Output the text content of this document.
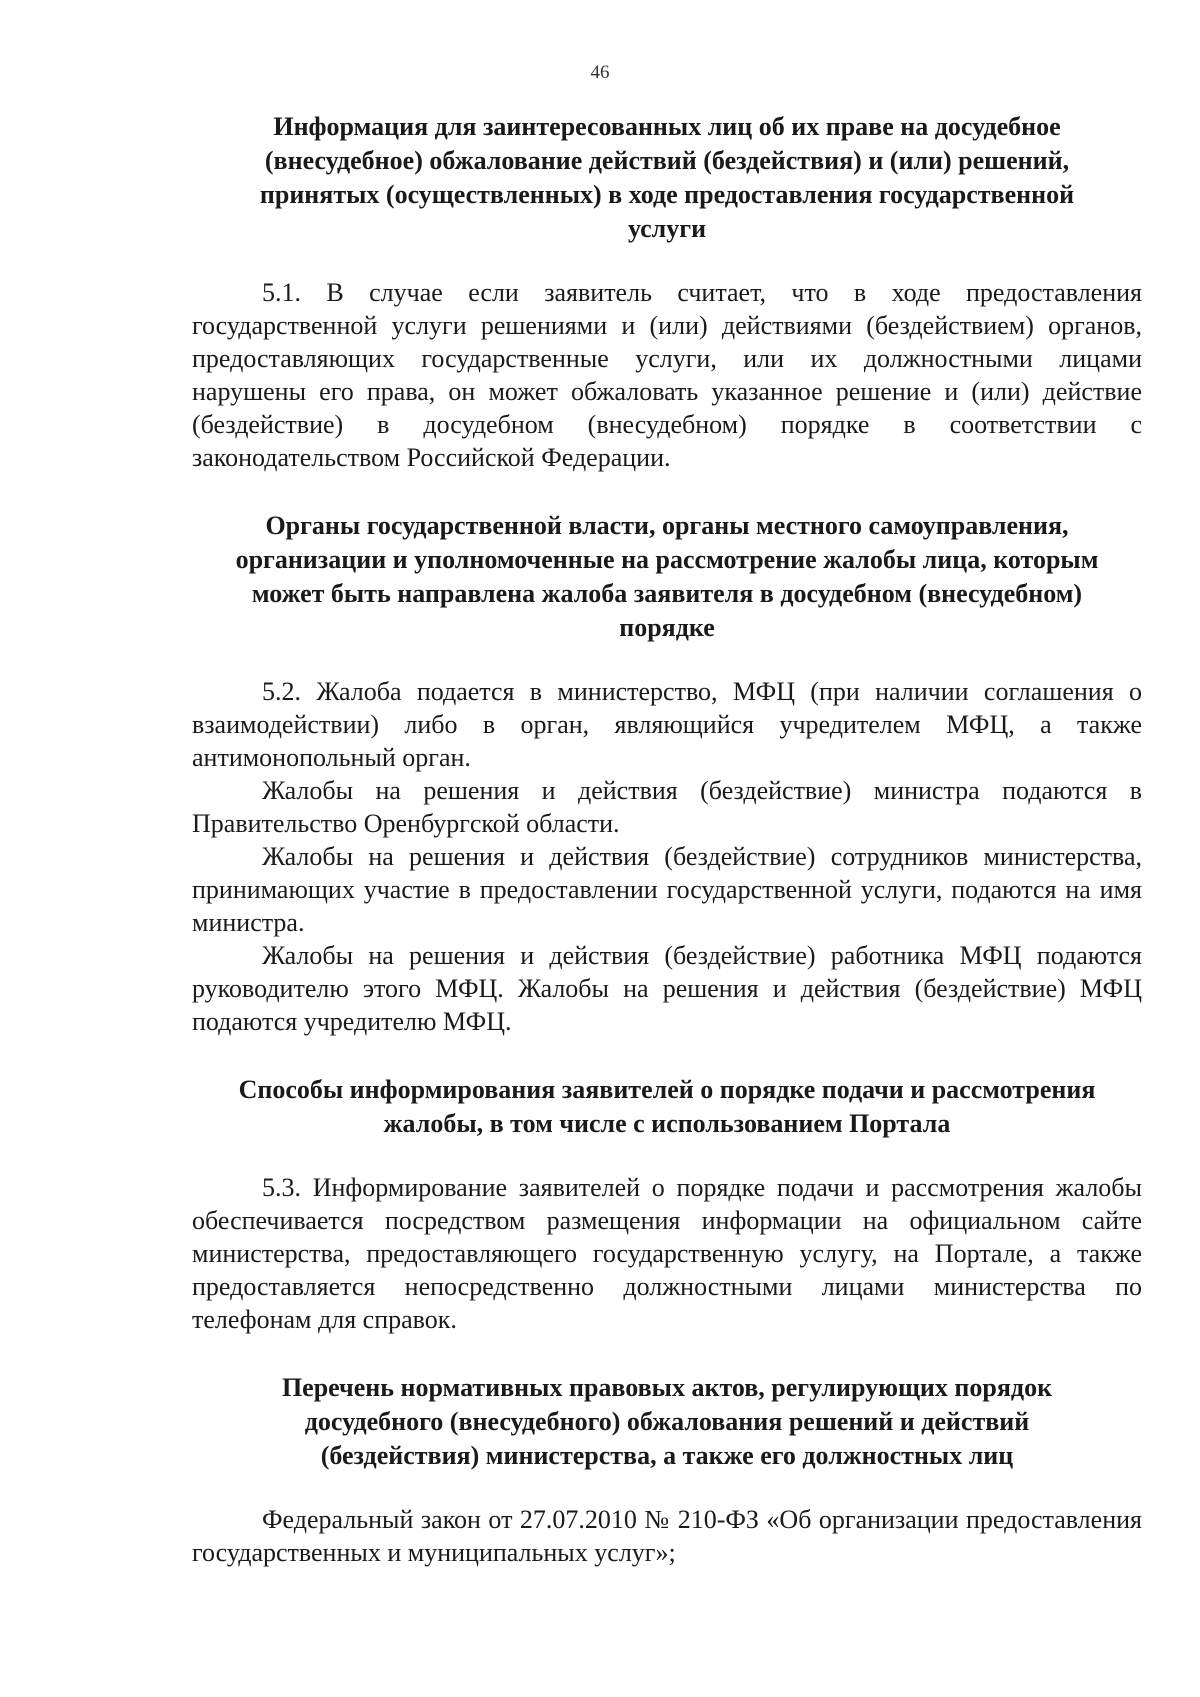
46
Информация для заинтересованных лиц об их праве на досудебное (внесудебное) обжалование действий (бездействия) и (или) решений, принятых (осуществленных) в ходе предоставления государственной услуги

5.1. В случае если заявитель считает, что в ходе предоставления государственной услуги решениями и (или) действиями (бездействием) органов, предоставляющих государственные услуги, или их должностными лицами нарушены его права, он может обжаловать указанное решение и (или) действие (бездействие) в досудебном (внесудебном) порядке в соответствии с законодательством Российской Федерации.

Органы государственной власти, органы местного самоуправления, организации и уполномоченные на рассмотрение жалобы лица, которым может быть направлена жалоба заявителя в досудебном (внесудебном) порядке

5.2. Жалоба подается в министерство, МФЦ (при наличии соглашения о взаимодействии) либо в орган, являющийся учредителем МФЦ, а также антимонопольный орган.

Жалобы на решения и действия (бездействие) министра подаются в Правительство Оренбургской области.

Жалобы на решения и действия (бездействие) сотрудников министерства, принимающих участие в предоставлении государственной услуги, подаются на имя министра.

Жалобы на решения и действия (бездействие) работника МФЦ подаются руководителю этого МФЦ. Жалобы на решения и действия (бездействие) МФЦ подаются учредителю МФЦ.

Способы информирования заявителей о порядке подачи и рассмотрения жалобы, в том числе с использованием Портала

5.3. Информирование заявителей о порядке подачи и рассмотрения жалобы обеспечивается посредством размещения информации на официальном сайте министерства, предоставляющего государственную услугу, на Портале, а также предоставляется непосредственно должностными лицами министерства по телефонам для справок.

Перечень нормативных правовых актов, регулирующих порядок досудебного (внесудебного) обжалования решений и действий (бездействия) министерства, а также его должностных лиц

Федеральный закон от 27.07.2010 № 210-ФЗ «Об организации предоставления государственных и муниципальных услуг»;
